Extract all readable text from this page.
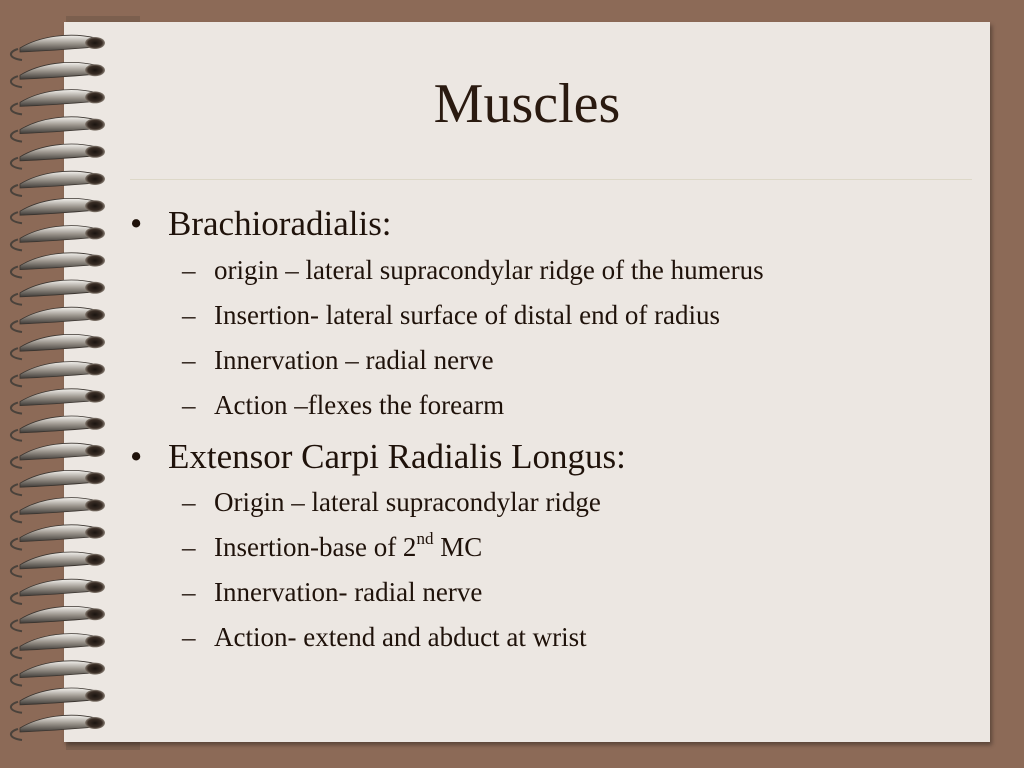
Muscles
• Brachioradialis:
– origin – lateral supracondylar ridge of the humerus
– Insertion- lateral surface of distal end of radius
– Innervation – radial nerve
– Action –flexes the forearm
• Extensor Carpi Radialis Longus:
– Origin – lateral supracondylar ridge
– Insertion-base of 2nd MC
– Innervation- radial nerve
– Action- extend and abduct at wrist
